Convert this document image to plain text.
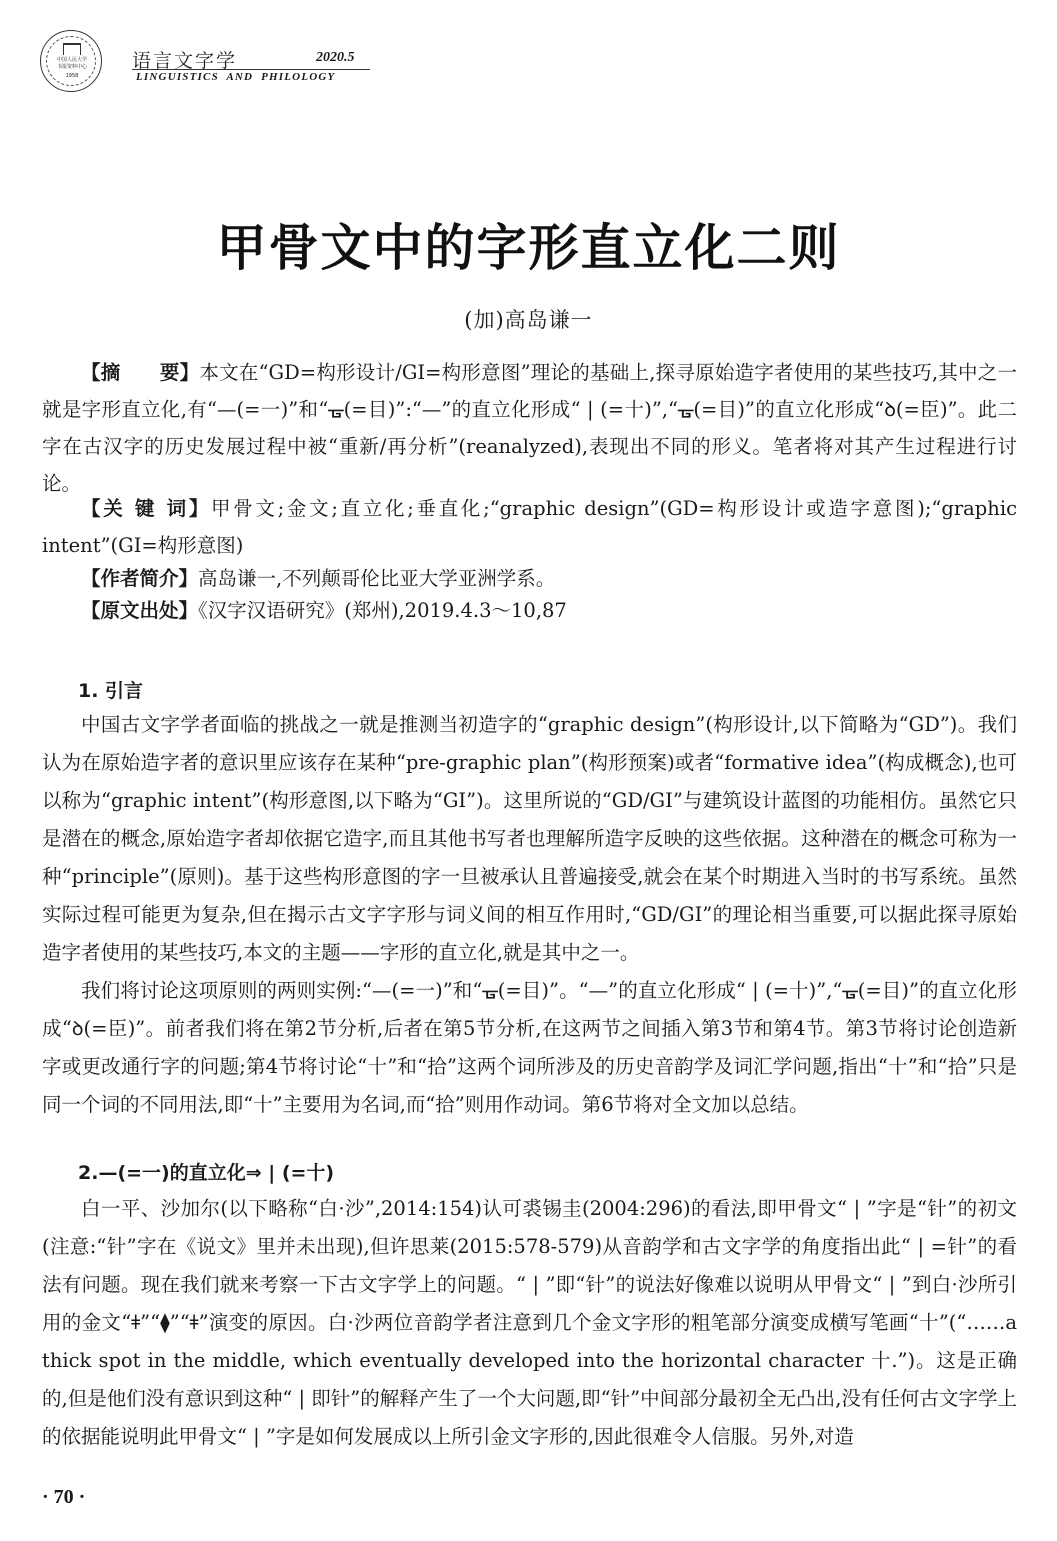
中国人民大学
书报资料中心
1958
语言文字学	2020.5
LINGUISTICS  AND  PHILOLOGY
甲骨文中的字形直立化二则
(加)高岛谦一

【摘　　要】本文在“GD=构形设计/GI=构形意图”理论的基础上,探寻原始造字者使用的某些技巧,其中之一就是字形直立化,有“—(=一)”和“ᚗ(=目)”:“—”的直立化形成“ | (=十)”,“ᚗ(=目)”的直立化形成“ꝺ(=臣)”。此二字在古汉字的历史发展过程中被“重新/再分析”(reanalyzed),表现出不同的形义。笔者将对其产生过程进行讨论。

【关 键 词】甲骨文;金文;直立化;垂直化;“graphic design”(GD=构形设计或造字意图);“graphic intent”(GI=构形意图)

【作者简介】高岛谦一,不列颠哥伦比亚大学亚洲学系。

【原文出处】《汉字汉语研究》(郑州),2019.4.3～10,87

1. 引言

中国古文字学者面临的挑战之一就是推测当初造字的“graphic design”(构形设计,以下简略为“GD”)。我们认为在原始造字者的意识里应该存在某种“pre-graphic plan”(构形预案)或者“formative idea”(构成概念),也可以称为“graphic intent”(构形意图,以下略为“GI”)。这里所说的“GD/GI”与建筑设计蓝图的功能相仿。虽然它只是潜在的概念,原始造字者却依据它造字,而且其他书写者也理解所造字反映的这些依据。这种潜在的概念可称为一种“principle”(原则)。基于这些构形意图的字一旦被承认且普遍接受,就会在某个时期进入当时的书写系统。虽然实际过程可能更为复杂,但在揭示古文字字形与词义间的相互作用时,“GD/GI”的理论相当重要,可以据此探寻原始造字者使用的某些技巧,本文的主题——字形的直立化,就是其中之一。

我们将讨论这项原则的两则实例:“—(=一)”和“ᚗ(=目)”。“—”的直立化形成“ | (=十)”,“ᚗ(=目)”的直立化形成“ꝺ(=臣)”。前者我们将在第2节分析,后者在第5节分析,在这两节之间插入第3节和第4节。第3节将讨论创造新字或更改通行字的问题;第4节将讨论“十”和“拾”这两个词所涉及的历史音韵学及词汇学问题,指出“十”和“拾”只是同一个词的不同用法,即“十”主要用为名词,而“拾”则用作动词。第6节将对全文加以总结。

2.—(=一)的直立化⇒ | (=十)

白一平、沙加尔(以下略称“白·沙”,2014:154)认可裘锡圭(2004:296)的看法,即甲骨文“ | ”字是“针”的初文(注意:“针”字在《说文》里并未出现),但许思莱(2015:578-579)从音韵学和古文字学的角度指出此“ | =针”的看法有问题。现在我们就来考察一下古文字学上的问题。“ | ”即“针”的说法好像难以说明从甲骨文“ | ”到白·沙所引用的金文“ǂ”“⧫”“ǂ”演变的原因。白·沙两位音韵学者注意到几个金文字形的粗笔部分演变成横写笔画“十”(“……a thick spot in the middle, which eventually developed into the horizontal character 十.”)。这是正确的,但是他们没有意识到这种“ | 即针”的解释产生了一个大问题,即“针”中间部分最初全无凸出,没有任何古文字学上的依据能说明此甲骨文“ | ”字是如何发展成以上所引金文字形的,因此很难令人信服。另外,对造

· 70 ·
